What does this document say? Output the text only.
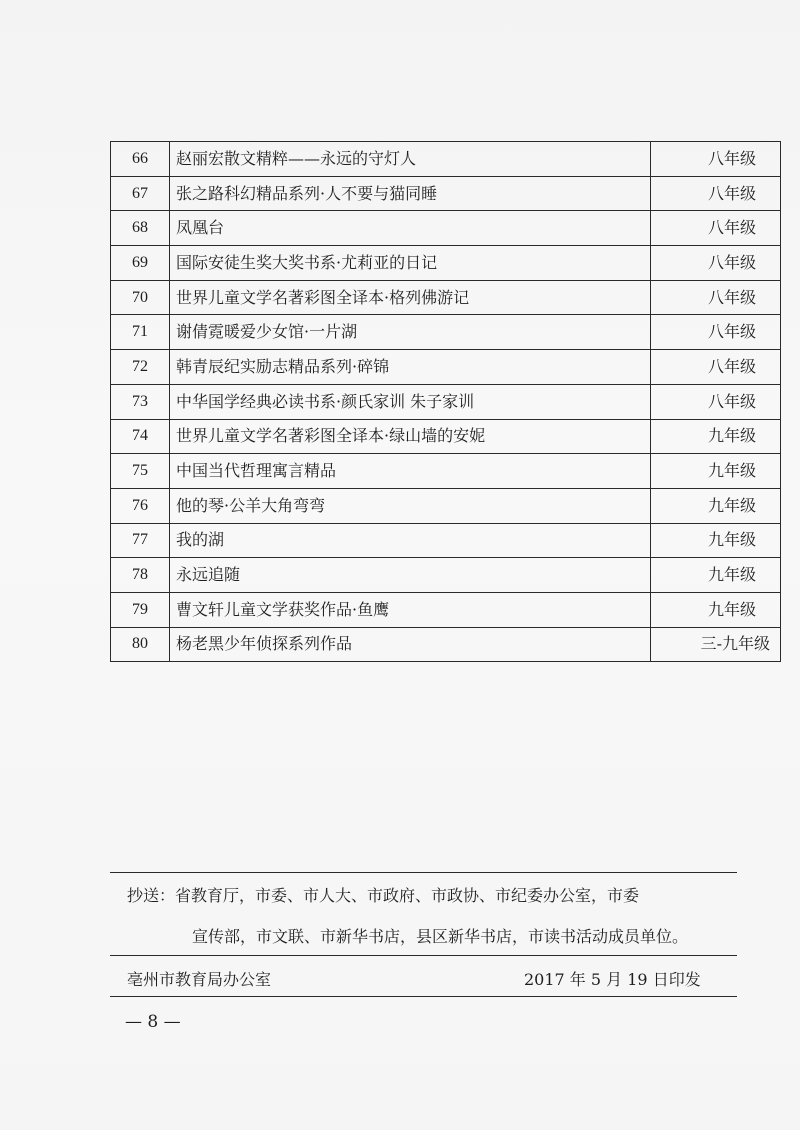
66	赵丽宏散文精粹——永远的守灯人	八年级
67	张之路科幻精品系列·人不要与猫同睡	八年级
68	凤凰台	八年级
69	国际安徒生奖大奖书系·尤莉亚的日记	八年级
70	世界儿童文学名著彩图全译本·格列佛游记	八年级
71	谢倩霓暖爱少女馆·一片湖	八年级
72	韩青辰纪实励志精品系列·碎锦	八年级
73	中华国学经典必读书系·颜氏家训 朱子家训	八年级
74	世界儿童文学名著彩图全译本·绿山墙的安妮	九年级
75	中国当代哲理寓言精品	九年级
76	他的琴·公羊大角弯弯	九年级
77	我的湖	九年级
78	永远追随	九年级
79	曹文轩儿童文学获奖作品·鱼鹰	九年级
80	杨老黑少年侦探系列作品	三-九年级
抄送：省教育厅，市委、市人大、市政府、市政协、市纪委办公室，市委
宣传部，市文联、市新华书店，县区新华书店，市读书活动成员单位。
亳州市教育局办公室	2017 年 5 月 19 日印发
— 8 —
